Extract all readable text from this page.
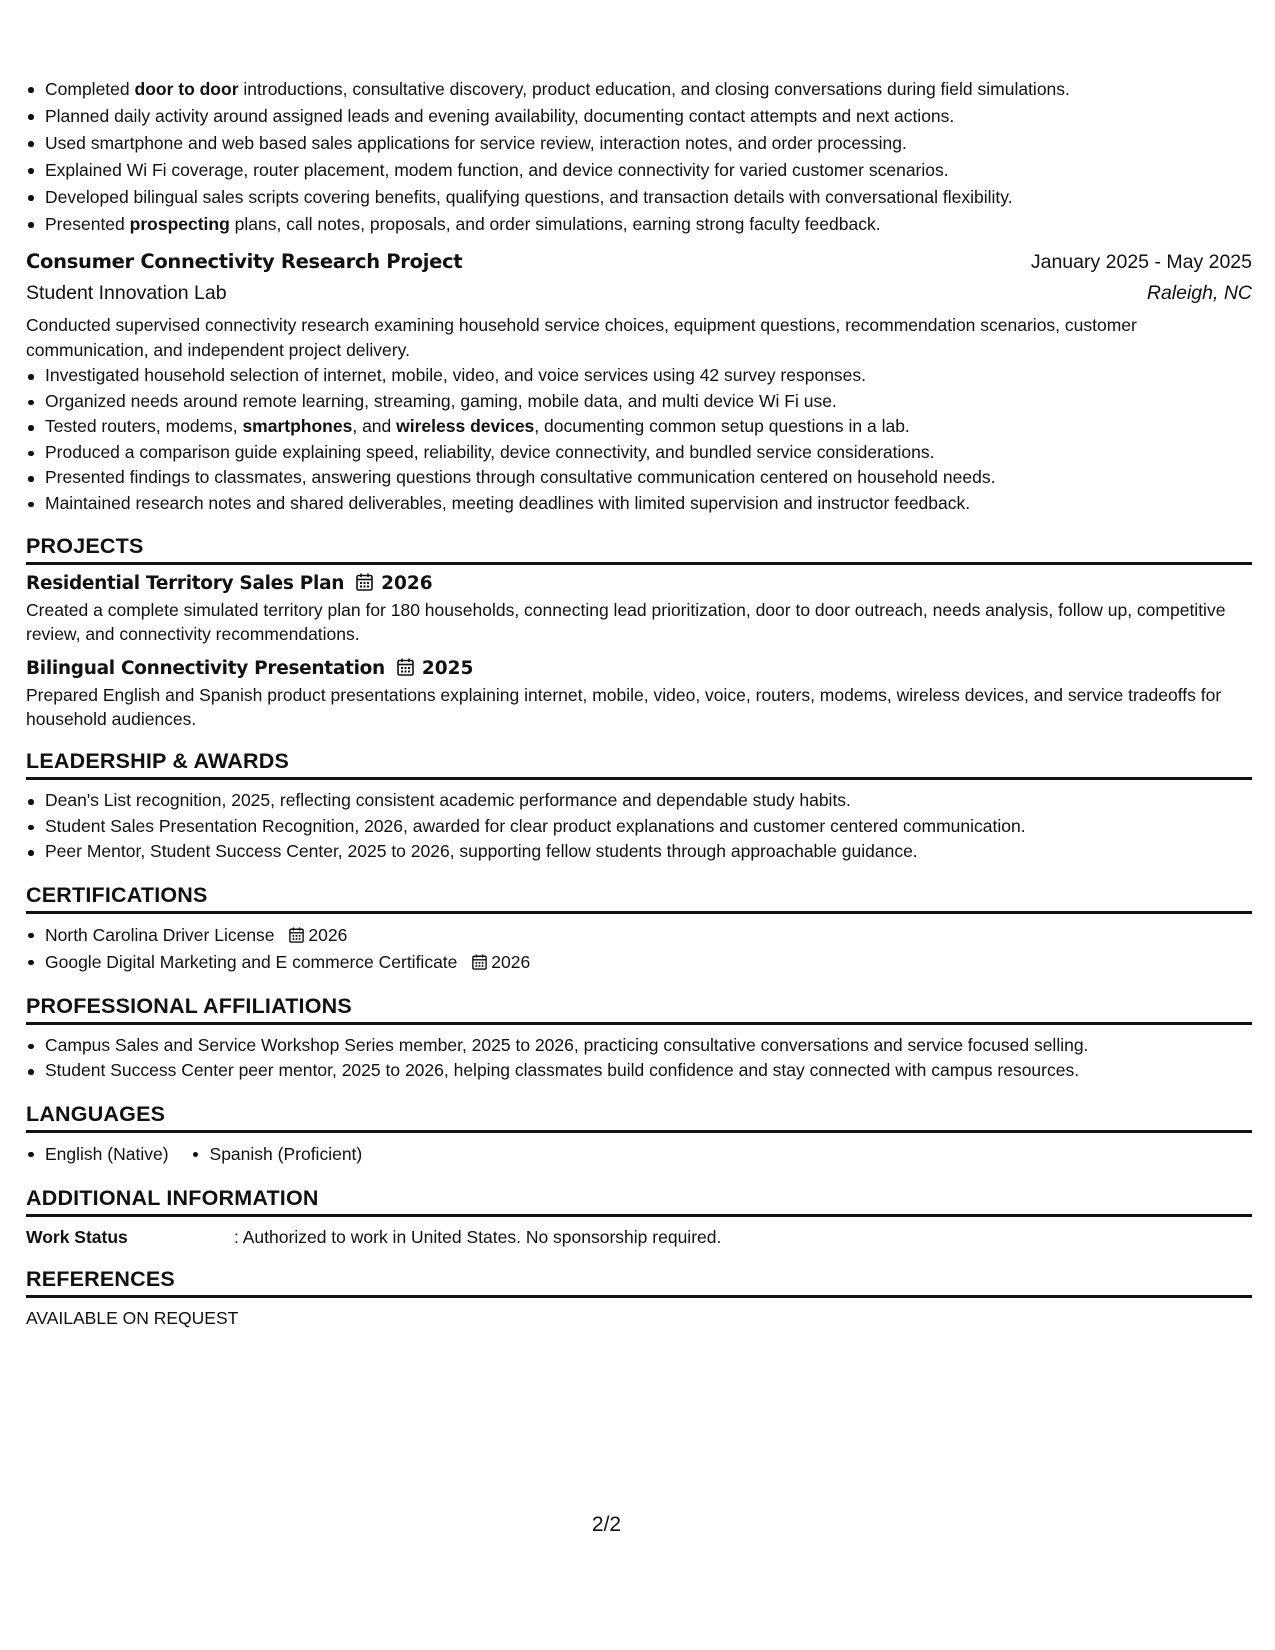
Completed door to door introductions, consultative discovery, product education, and closing conversations during field simulations.
Planned daily activity around assigned leads and evening availability, documenting contact attempts and next actions.
Used smartphone and web based sales applications for service review, interaction notes, and order processing.
Explained Wi Fi coverage, router placement, modem function, and device connectivity for varied customer scenarios.
Developed bilingual sales scripts covering benefits, qualifying questions, and transaction details with conversational flexibility.
Presented prospecting plans, call notes, proposals, and order simulations, earning strong faculty feedback.
Consumer Connectivity Research Project	January 2025 - May 2025
Student Innovation Lab	Raleigh, NC
Conducted supervised connectivity research examining household service choices, equipment questions, recommendation scenarios, customer communication, and independent project delivery.
Investigated household selection of internet, mobile, video, and voice services using 42 survey responses.
Organized needs around remote learning, streaming, gaming, mobile data, and multi device Wi Fi use.
Tested routers, modems, smartphones, and wireless devices, documenting common setup questions in a lab.
Produced a comparison guide explaining speed, reliability, device connectivity, and bundled service considerations.
Presented findings to classmates, answering questions through consultative communication centered on household needs.
Maintained research notes and shared deliverables, meeting deadlines with limited supervision and instructor feedback.
PROJECTS
Residential Territory Sales Plan 2026
Created a complete simulated territory plan for 180 households, connecting lead prioritization, door to door outreach, needs analysis, follow up, competitive review, and connectivity recommendations.
Bilingual Connectivity Presentation 2025
Prepared English and Spanish product presentations explaining internet, mobile, video, voice, routers, modems, wireless devices, and service tradeoffs for household audiences.
LEADERSHIP & AWARDS
Dean's List recognition, 2025, reflecting consistent academic performance and dependable study habits.
Student Sales Presentation Recognition, 2026, awarded for clear product explanations and customer centered communication.
Peer Mentor, Student Success Center, 2025 to 2026, supporting fellow students through approachable guidance.
CERTIFICATIONS
North Carolina Driver License 2026
Google Digital Marketing and E commerce Certificate 2026
PROFESSIONAL AFFILIATIONS
Campus Sales and Service Workshop Series member, 2025 to 2026, practicing consultative conversations and service focused selling.
Student Success Center peer mentor, 2025 to 2026, helping classmates build confidence and stay connected with campus resources.
LANGUAGES
English (Native)	Spanish (Proficient)
ADDITIONAL INFORMATION
Work Status	: Authorized to work in United States. No sponsorship required.
REFERENCES
AVAILABLE ON REQUEST
2/2
